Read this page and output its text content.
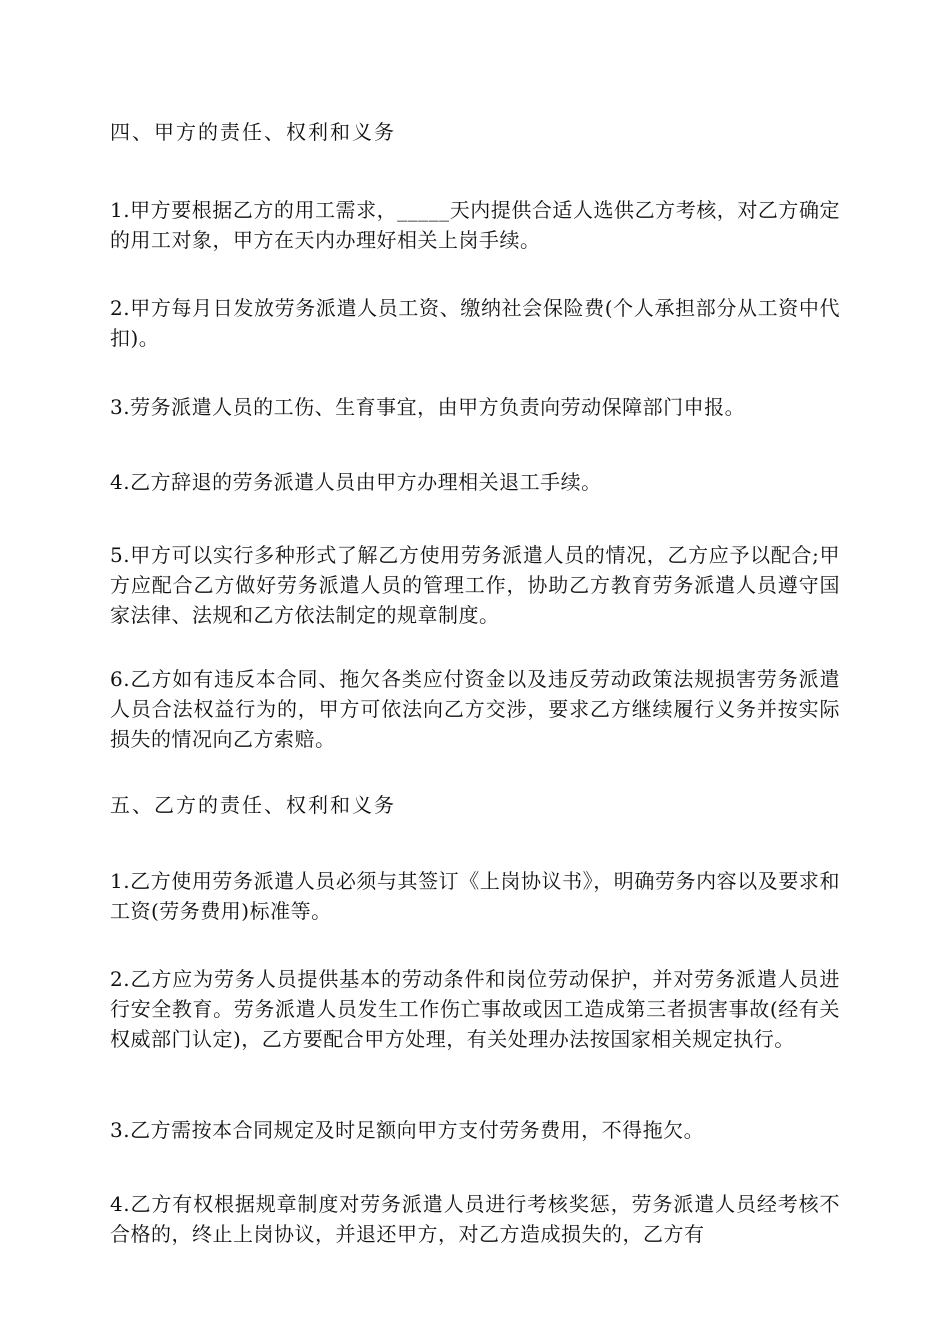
四、甲方的责任、权利和义务

1.甲方要根据乙方的用工需求，_____天内提供合适人选供乙方考核，对乙方确定的用工对象，甲方在天内办理好相关上岗手续。

2.甲方每月日发放劳务派遣人员工资、缴纳社会保险费(个人承担部分从工资中代扣)。

3.劳务派遣人员的工伤、生育事宜，由甲方负责向劳动保障部门申报。

4.乙方辞退的劳务派遣人员由甲方办理相关退工手续。

5.甲方可以实行多种形式了解乙方使用劳务派遣人员的情况，乙方应予以配合;甲方应配合乙方做好劳务派遣人员的管理工作，协助乙方教育劳务派遣人员遵守国家法律、法规和乙方依法制定的规章制度。

6.乙方如有违反本合同、拖欠各类应付资金以及违反劳动政策法规损害劳务派遣人员合法权益行为的，甲方可依法向乙方交涉，要求乙方继续履行义务并按实际损失的情况向乙方索赔。

五、乙方的责任、权利和义务

1.乙方使用劳务派遣人员必须与其签订《上岗协议书》，明确劳务内容以及要求和工资(劳务费用)标准等。

2.乙方应为劳务人员提供基本的劳动条件和岗位劳动保护，并对劳务派遣人员进行安全教育。劳务派遣人员发生工作伤亡事故或因工造成第三者损害事故(经有关权威部门认定)，乙方要配合甲方处理，有关处理办法按国家相关规定执行。

3.乙方需按本合同规定及时足额向甲方支付劳务费用，不得拖欠。

4.乙方有权根据规章制度对劳务派遣人员进行考核奖惩，劳务派遣人员经考核不合格的，终止上岗协议，并退还甲方，对乙方造成损失的，乙方有
